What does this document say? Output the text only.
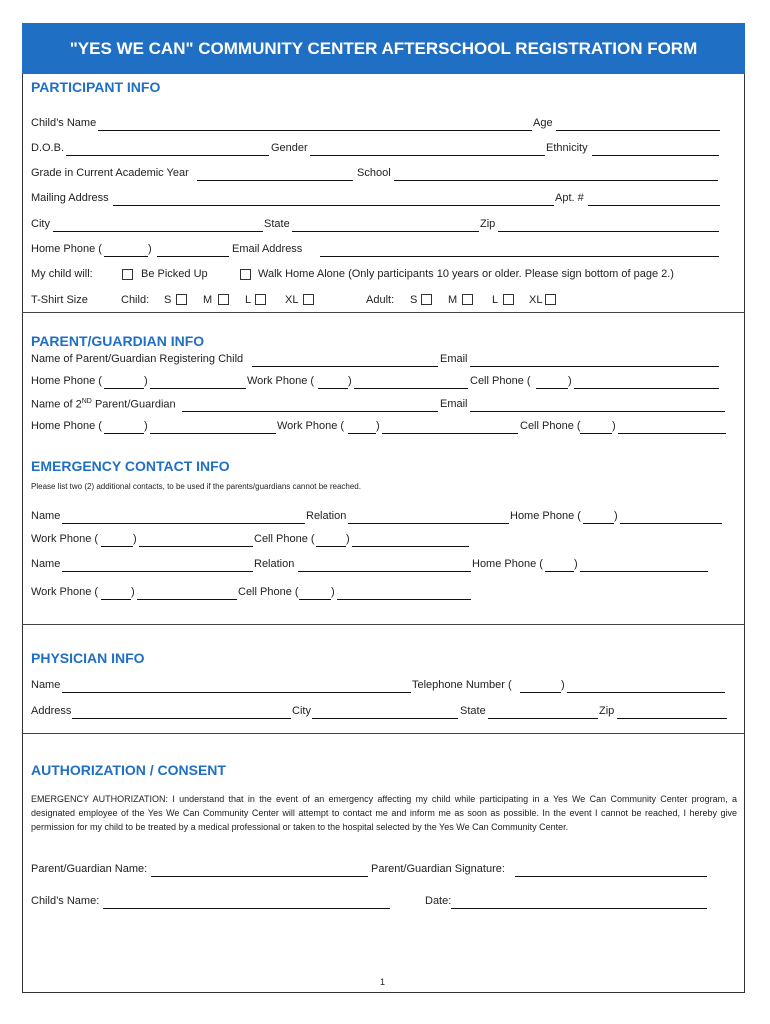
"YES WE CAN" COMMUNITY CENTER AFTERSCHOOL REGISTRATION FORM
PARTICIPANT INFO
Child’s Name	Age
D.O.B.	Gender	Ethnicity
Grade in Current Academic Year	School
Mailing Address	Apt. #
City	State	Zip
Home Phone (	)	Email Address
My child will:	Be Picked Up	Walk Home Alone (Only participants 10 years or older. Please sign bottom of page 2.)
T-Shirt Size	Child: S	M	L	XL	Adult: S	M	L	XL
PARENT/GUARDIAN INFO
Name of Parent/Guardian Registering Child	Email
Home Phone (	)	Work Phone (	)	Cell Phone (	)
Name of 2ND Parent/Guardian	Email
Home Phone (	)	Work Phone (	)	Cell Phone (	)
EMERGENCY CONTACT INFO
Please list two (2) additional contacts, to be used if the parents/guardians cannot be reached.
Name	Relation	Home Phone (	)
Work Phone (	)	Cell Phone (	)
Name	Relation	Home Phone (	)
Work Phone (	)	Cell Phone (	)
PHYSICIAN INFO
Name	Telephone Number (	)
Address	City	State	Zip
AUTHORIZATION / CONSENT
EMERGENCY AUTHORIZATION: I understand that in the event of an emergency affecting my child while participating in a Yes We Can Community Center program, a designated employee of the Yes We Can Community Center will attempt to contact me and inform me as soon as possible. In the event I cannot be reached, I hereby give permission for my child to be treated by a medical professional or taken to the hospital selected by the Yes We Can Community Center.
Parent/Guardian Name:	Parent/Guardian Signature:
Child’s Name:	Date:
1
